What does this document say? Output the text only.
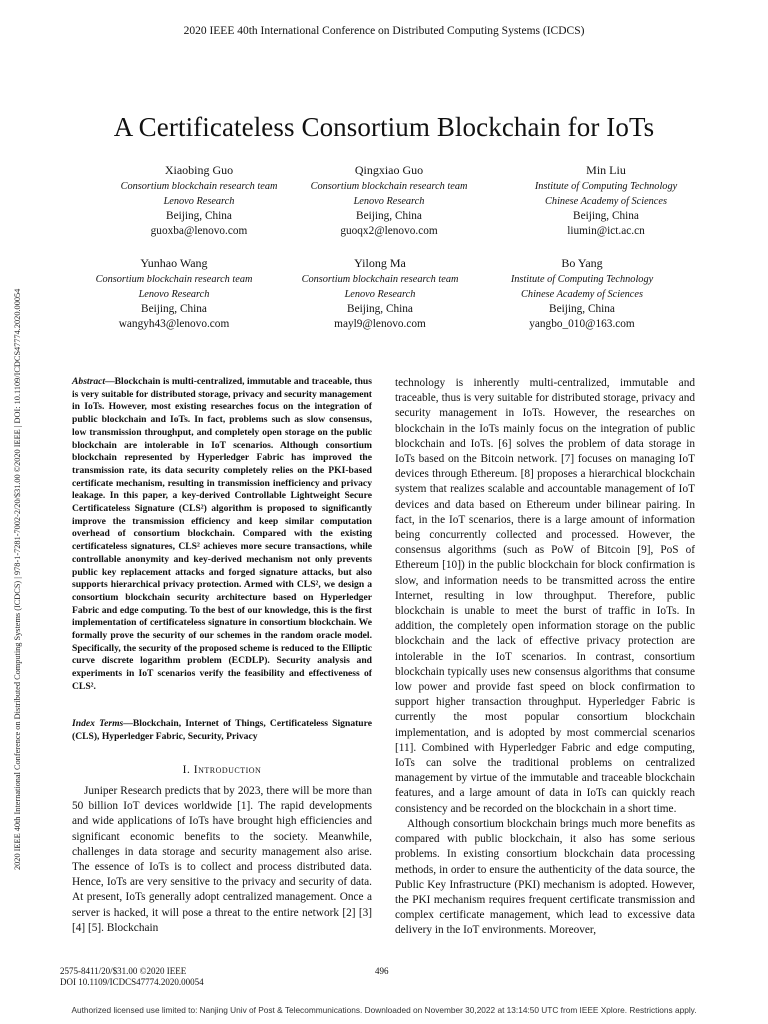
2020 IEEE 40th International Conference on Distributed Computing Systems (ICDCS)
2020 IEEE 40th International Conference on Distributed Computing Systems (ICDCS) | 978-1-7281-7002-2/20/$31.00 ©2020 IEEE | DOI: 10.1109/ICDCS47774.2020.00054
A Certificateless Consortium Blockchain for IoTs
Xiaobing Guo
Consortium blockchain research team
Lenovo Research
Beijing, China
guoxba@lenovo.com
Qingxiao Guo
Consortium blockchain research team
Lenovo Research
Beijing, China
guoqx2@lenovo.com
Min Liu
Institute of Computing Technology
Chinese Academy of Sciences
Beijing, China
liumin@ict.ac.cn
Yunhao Wang
Consortium blockchain research team
Lenovo Research
Beijing, China
wangyh43@lenovo.com
Yilong Ma
Consortium blockchain research team
Lenovo Research
Beijing, China
mayl9@lenovo.com
Bo Yang
Institute of Computing Technology
Chinese Academy of Sciences
Beijing, China
yangbo_010@163.com
Abstract—Blockchain is multi-centralized, immutable and traceable, thus is very suitable for distributed storage, privacy and security management in IoTs. However, most existing researches focus on the integration of public blockchain and IoTs. In fact, problems such as slow consensus, low transmission throughput, and completely open storage on the public blockchain are intolerable in IoT scenarios. Although consortium blockchain represented by Hyperledger Fabric has improved the transmission rate, its data security completely relies on the PKI-based certificate mechanism, resulting in transmission inefficiency and privacy leakage. In this paper, a key-derived Controllable Lightweight Secure Certificateless Signature (CLS²) algorithm is proposed to significantly improve the transmission efficiency and keep similar computation overhead of consortium blockchain. Compared with the existing certificateless signatures, CLS² achieves more secure transactions, while controllable anonymity and key-derived mechanism not only prevents public key replacement attacks and forged signature attacks, but also supports hierarchical privacy protection. Armed with CLS², we design a consortium blockchain security architecture based on Hyperledger Fabric and edge computing. To the best of our knowledge, this is the first implementation of certificateless signature in consortium blockchain. We formally prove the security of our schemes in the random oracle model. Specifically, the security of the proposed scheme is reduced to the Elliptic curve discrete logarithm problem (ECDLP). Security analysis and experiments in IoT scenarios verify the feasibility and effectiveness of CLS².
Index Terms—Blockchain, Internet of Things, Certificateless Signature (CLS), Hyperledger Fabric, Security, Privacy
I. Introduction
Juniper Research predicts that by 2023, there will be more than 50 billion IoT devices worldwide [1]. The rapid developments and wide applications of IoTs have brought high efficiencies and significant economic benefits to the society. Meanwhile, challenges in data storage and security management also arise. The essence of IoTs is to collect and process distributed data. Hence, IoTs are very sensitive to the privacy and security of data. At present, IoTs generally adopt centralized management. Once a server is hacked, it will pose a threat to the entire network [2] [3] [4] [5]. Blockchain

technology is inherently multi-centralized, immutable and traceable, thus is very suitable for distributed storage, privacy and security management in IoTs. However, the researches on blockchain in the IoTs mainly focus on the integration of public blockchain and IoTs. [6] solves the problem of data storage in IoTs based on the Bitcoin network. [7] focuses on managing IoT devices through Ethereum. [8] proposes a hierarchical blockchain system that realizes scalable and accountable management of IoT devices and data based on Ethereum under bilinear pairing. In fact, in the IoT scenarios, there is a large amount of information being concurrently collected and processed. However, the consensus algorithms (such as PoW of Bitcoin [9], PoS of Ethereum [10]) in the public blockchain for block confirmation is slow, and information needs to be transmitted across the entire Internet, resulting in low throughput. Therefore, public blockchain is unable to meet the burst of traffic in IoTs. In addition, the completely open information storage on the public blockchain and the lack of effective privacy protection are intolerable in the IoT scenarios. In contrast, consortium blockchain typically uses new consensus algorithms that consume low power and provide fast speed on block confirmation to support higher transaction throughput. Hyperledger Fabric is currently the most popular consortium blockchain implementation, and is adopted by most commercial scenarios [11]. Combined with Hyperledger Fabric and edge computing, IoTs can solve the traditional problems on centralized management by virtue of the immutable and traceable blockchain features, and a large amount of data in IoTs can quickly reach consistency and be recorded on the blockchain in a short time.

Although consortium blockchain brings much more benefits as compared with public blockchain, it also has some serious problems. In existing consortium blockchain data processing methods, in order to ensure the authenticity of the data source, the Public Key Infrastructure (PKI) mechanism is adopted. However, the PKI mechanism requires frequent certificate transmission and complex certificate management, which lead to excessive data delivery in the IoT environments. Moreover,

2575-8411/20/$31.00 ©2020 IEEE
DOI 10.1109/ICDCS47774.2020.00054
496
Authorized licensed use limited to: Nanjing Univ of Post & Telecommunications. Downloaded on November 30,2022 at 13:14:50 UTC from IEEE Xplore. Restrictions apply.
